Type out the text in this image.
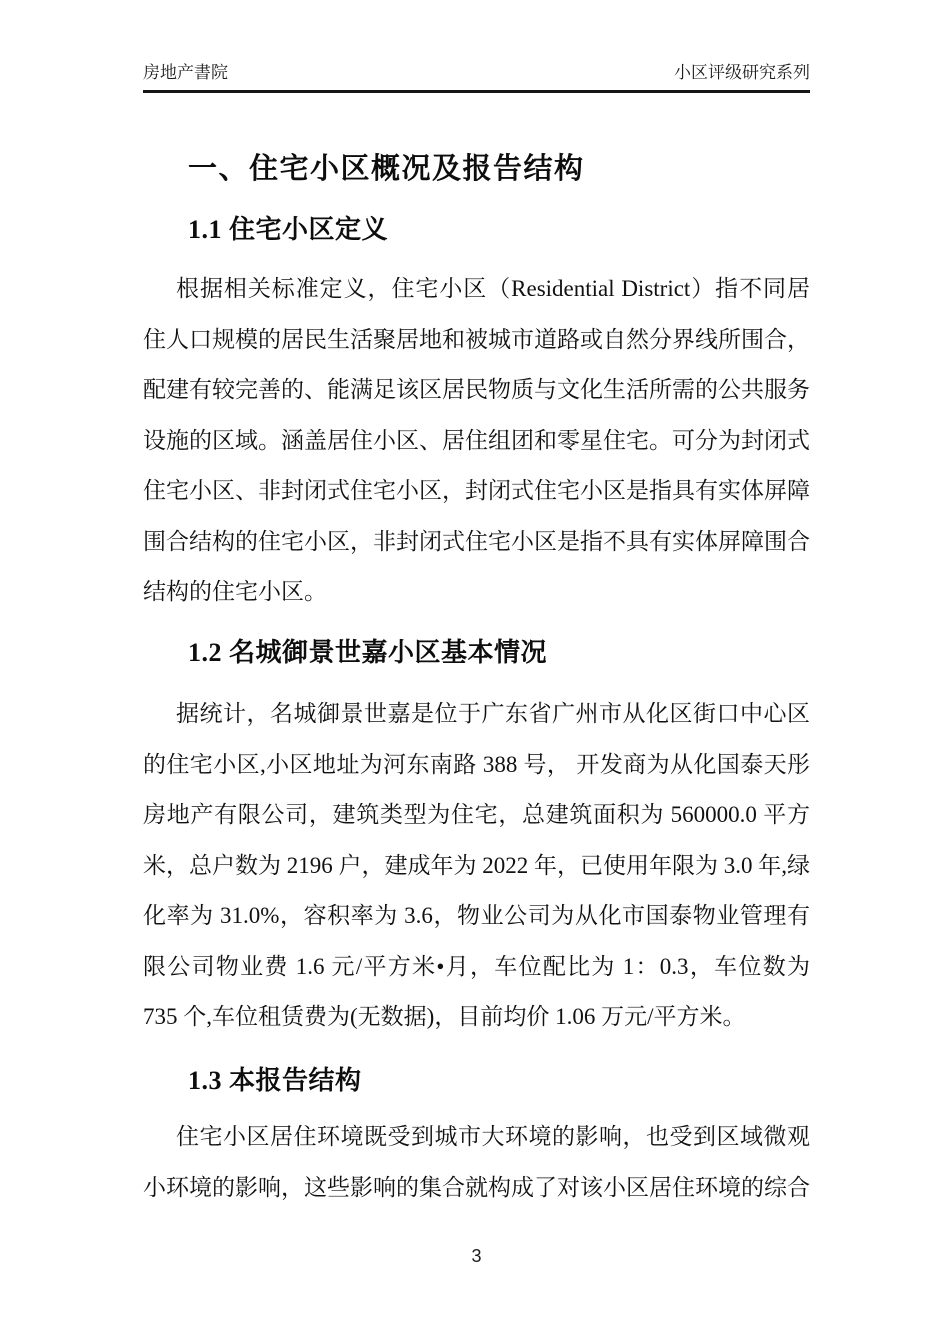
房地产書院	小区评级研究系列
一、住宅小区概况及报告结构
1.1 住宅小区定义

根据相关标准定义，住宅小区（Residential District）指不同居住人口规模的居民生活聚居地和被城市道路或自然分界线所围合，配建有较完善的、能满足该区居民物质与文化生活所需的公共服务设施的区域。涵盖居住小区、居住组团和零星住宅。可分为封闭式住宅小区、非封闭式住宅小区，封闭式住宅小区是指具有实体屏障围合结构的住宅小区，非封闭式住宅小区是指不具有实体屏障围合结构的住宅小区。

1.2 名城御景世嘉小区基本情况

据统计，名城御景世嘉是位于广东省广州市从化区街口中心区的住宅小区,小区地址为河东南路 388 号， 开发商为从化国泰天彤房地产有限公司，建筑类型为住宅，总建筑面积为 560000.0 平方米，总户数为 2196 户，建成年为 2022 年，已使用年限为 3.0 年,绿化率为 31.0%，容积率为 3.6，物业公司为从化市国泰物业管理有限公司物业费 1.6 元/平方米•月，车位配比为 1：0.3，车位数为 735 个,车位租赁费为(无数据)，目前均价 1.06 万元/平方米。

1.3 本报告结构

住宅小区居住环境既受到城市大环境的影响，也受到区域微观小环境的影响，这些影响的集合就构成了对该小区居住环境的综合

3
